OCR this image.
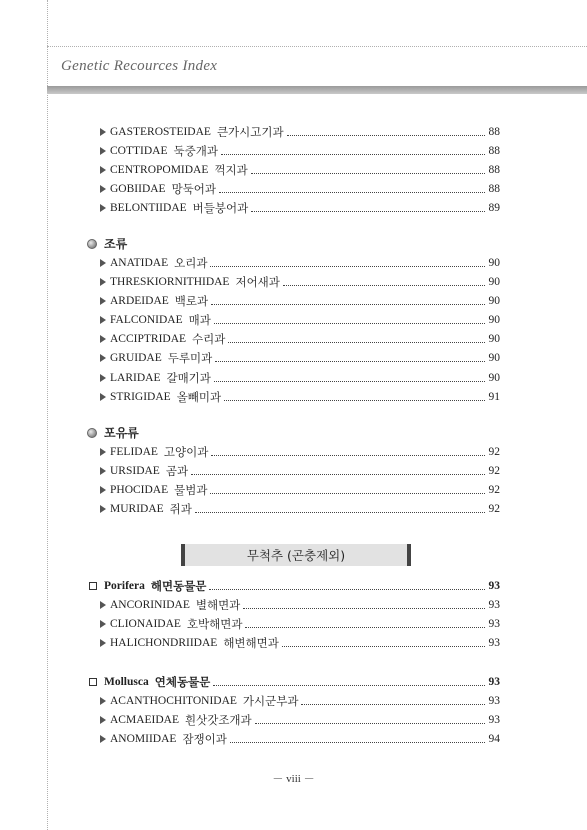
Genetic Recources Index
GASTEROSTEIDAE 큰가시고기과	88
COTTIDAE 둑중개과	88
CENTROPOMIDAE 꺽지과	88
GOBIIDAE 망둑어과	88
BELONTIIDAE 버들붕어과	89
조류
ANATIDAE 오리과	90
THRESKIORNITHIDAE 저어새과	90
ARDEIDAE 백로과	90
FALCONIDAE 매과	90
ACCIPTRIDAE 수리과	90
GRUIDAE 두루미과	90
LARIDAE 갈매기과	90
STRIGIDAE 올빼미과	91
포유류
FELIDAE 고양이과	92
URSIDAE 곰과	92
PHOCIDAE 물범과	92
MURIDAE 쥐과	92
Porifera 해면동물문	93
ANCORINIDAE 별해면과	93
CLIONAIDAE 호박해면과	93
HALICHONDRIIDAE 해변해면과	93
Mollusca 연체동물문	93
ACANTHOCHITONIDAE 가시군부과	93
ACMAEIDAE 흰삿갓조개과	93
ANOMIIDAE 잠쟁이과	94
무척추 (곤충제외)
－ viii －
